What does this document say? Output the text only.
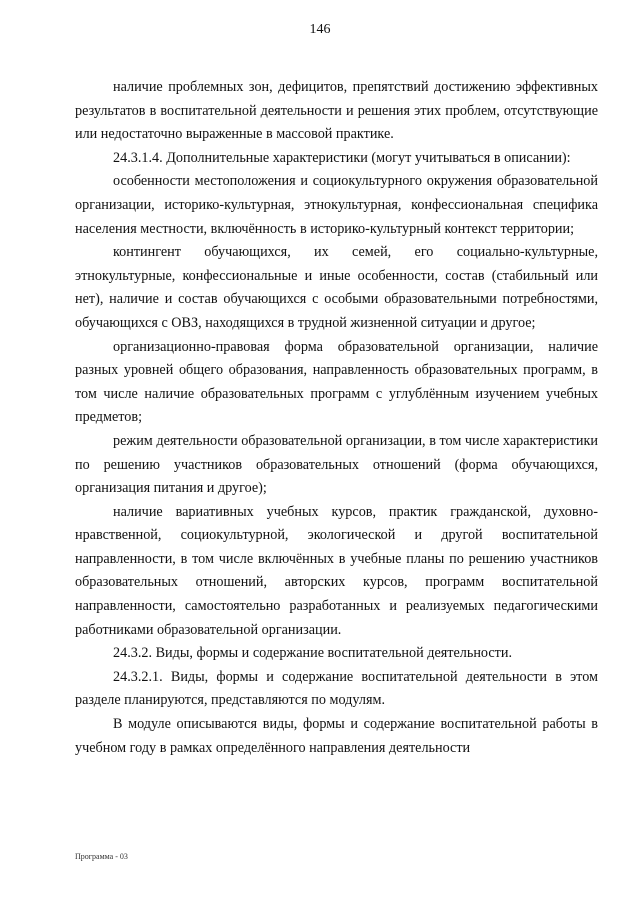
146

наличие проблемных зон, дефицитов, препятствий достижению эффективных результатов в воспитательной деятельности и решения этих проблем, отсутствующие или недостаточно выраженные в массовой практике.

24.3.1.4. Дополнительные характеристики (могут учитываться в описании):

особенности местоположения и социокультурного окружения образовательной организации, историко-культурная, этнокультурная, конфессиональная специфика населения местности, включённость в историко-культурный контекст территории;

контингент обучающихся, их семей, его социально-культурные, этнокультурные, конфессиональные и иные особенности, состав (стабильный или нет), наличие и состав обучающихся с особыми образовательными потребностями, обучающихся с ОВЗ, находящихся в трудной жизненной ситуации и другое;

организационно-правовая форма образовательной организации, наличие разных уровней общего образования, направленность образовательных программ, в том числе наличие образовательных программ с углублённым изучением учебных предметов;

режим деятельности образовательной организации, в том числе характеристики по решению участников образовательных отношений (форма обучающихся, организация питания и другое);

наличие вариативных учебных курсов, практик гражданской, духовно-нравственной, социокультурной, экологической и другой воспитательной направленности, в том числе включённых в учебные планы по решению участников образовательных отношений, авторских курсов, программ воспитательной направленности, самостоятельно разработанных и реализуемых педагогическими работниками образовательной организации.

24.3.2. Виды, формы и содержание воспитательной деятельности.

24.3.2.1. Виды, формы и содержание воспитательной деятельности в этом разделе планируются, представляются по модулям.

В модуле описываются виды, формы и содержание воспитательной работы в учебном году в рамках определённого направления деятельности

Программа - 03
